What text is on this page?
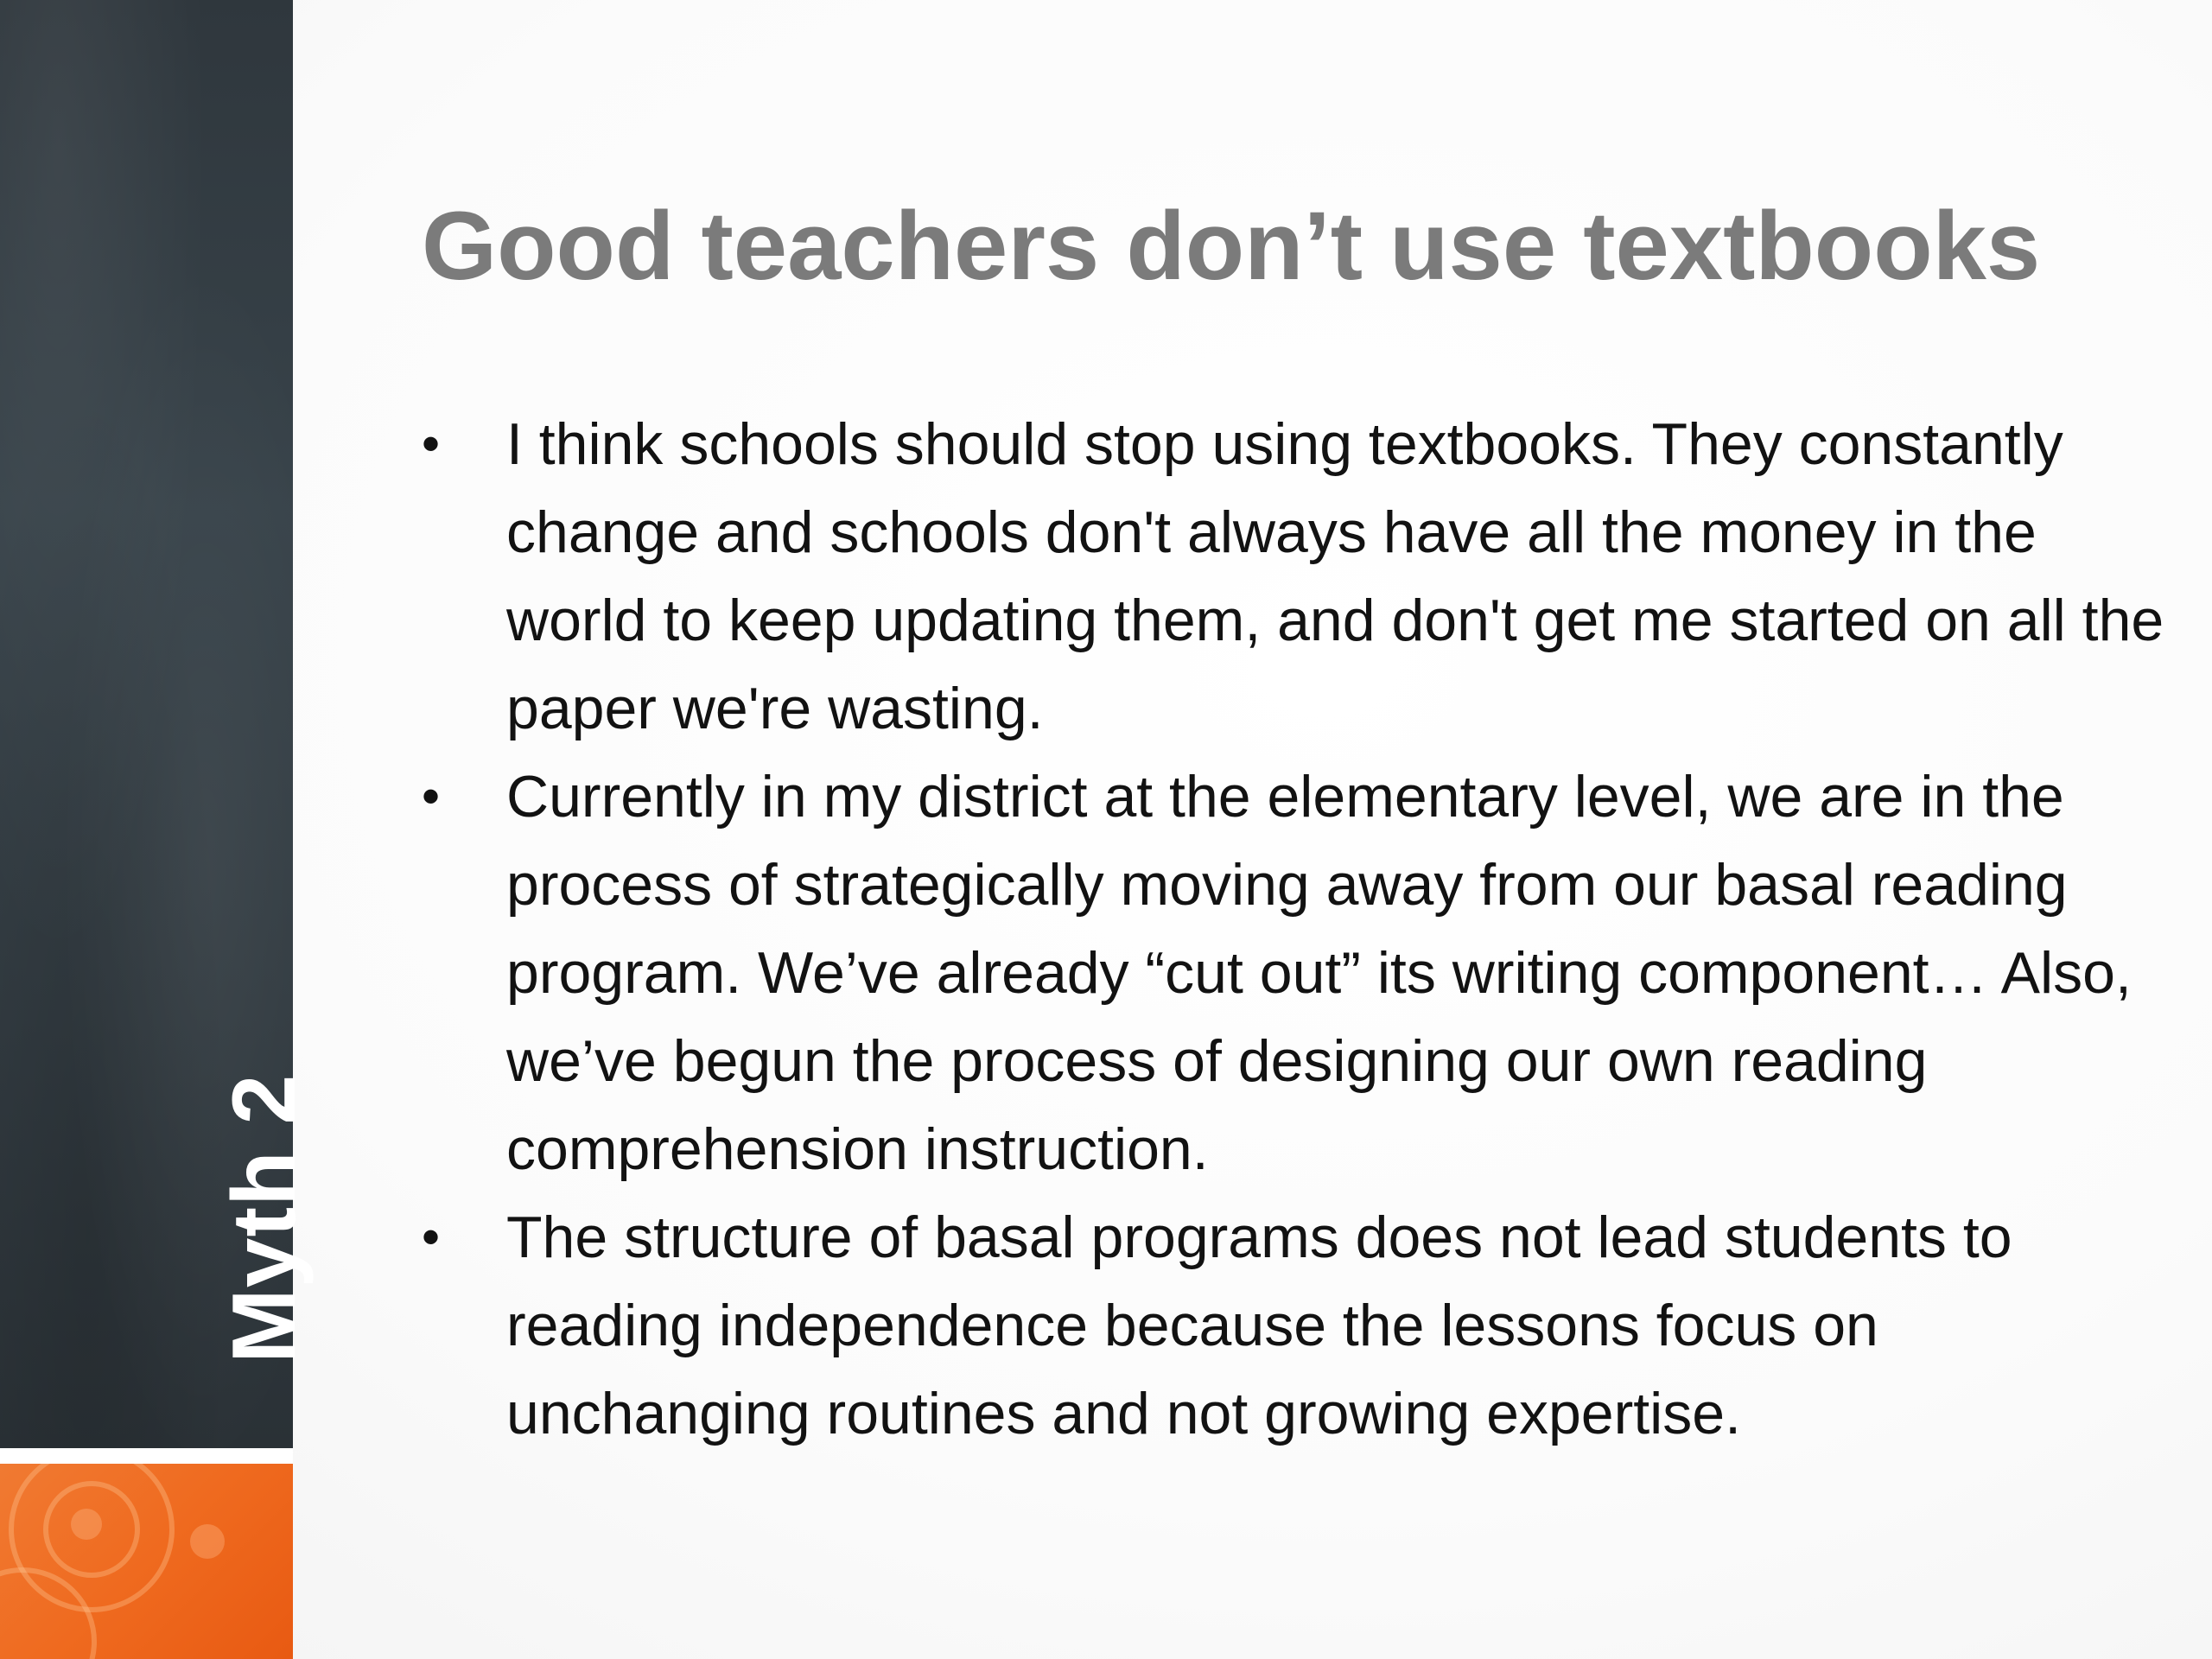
Myth 2
Good teachers don’t use textbooks
• I think schools should stop using textbooks. They constantly change and schools don't always have all the money in the world to keep updating them, and don't get me started on all the paper we're wasting.
• Currently in my district at the elementary level, we are in the process of strategically moving away from our basal reading program. We’ve already “cut out” its writing component… Also, we’ve begun the process of designing our own reading comprehension instruction.
• The structure of basal programs does not lead students to reading independence because the lessons focus on unchanging routines and not growing expertise.
